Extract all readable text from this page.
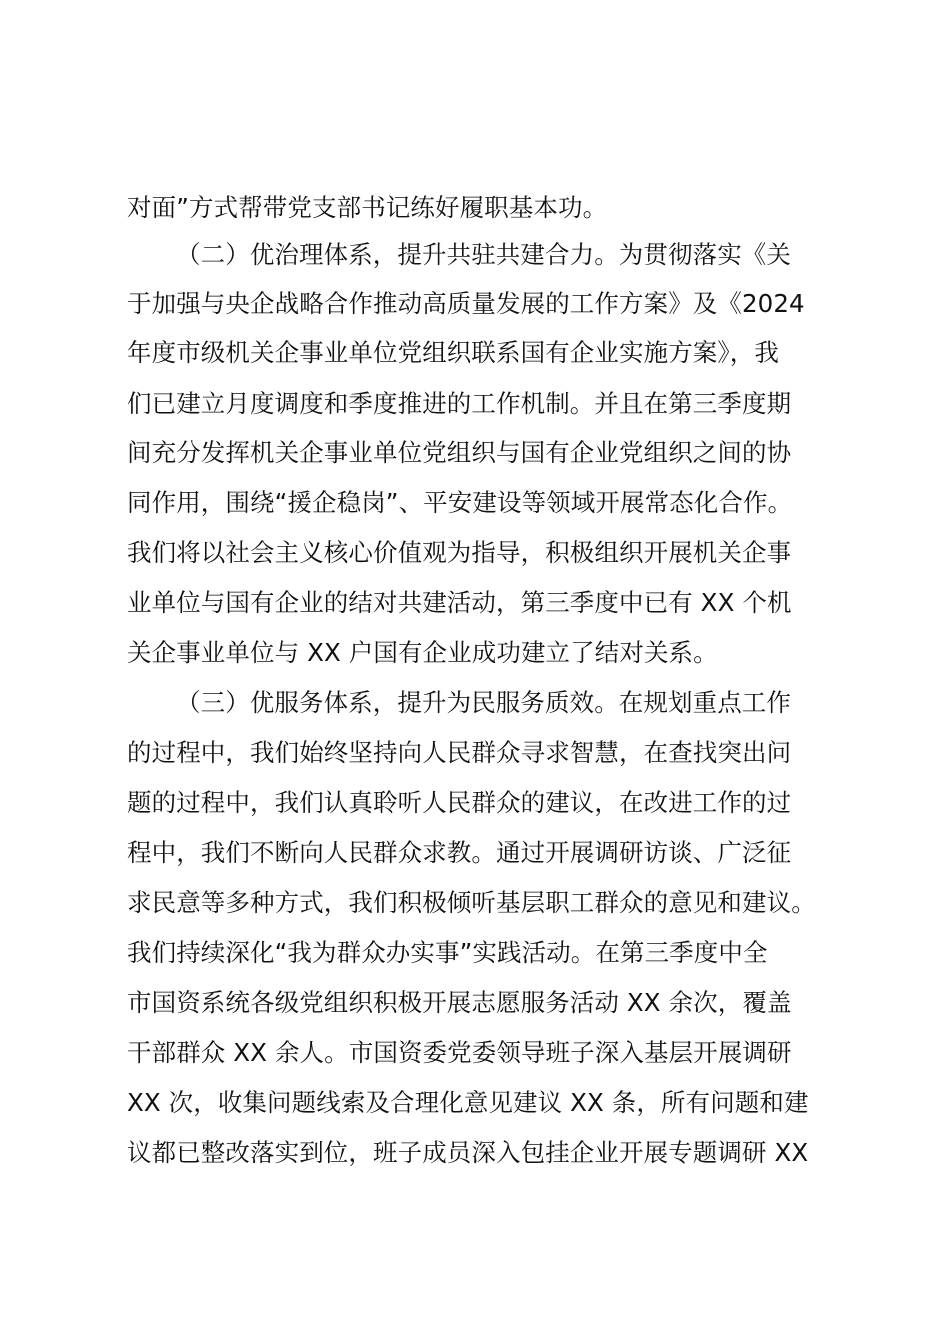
对面”方式帮带党支部书记练好履职基本功。
（二）优治理体系，提升共驻共建合力。为贯彻落实《关
于加强与央企战略合作推动高质量发展的工作方案》及《2024
年度市级机关企事业单位党组织联系国有企业实施方案》，我
们已建立月度调度和季度推进的工作机制。并且在第三季度期
间充分发挥机关企事业单位党组织与国有企业党组织之间的协
同作用，围绕“援企稳岗”、平安建设等领域开展常态化合作。
我们将以社会主义核心价值观为指导，积极组织开展机关企事
业单位与国有企业的结对共建活动，第三季度中已有 XX 个机
关企事业单位与 XX 户国有企业成功建立了结对关系。
（三）优服务体系，提升为民服务质效。在规划重点工作
的过程中，我们始终坚持向人民群众寻求智慧，在查找突出问
题的过程中，我们认真聆听人民群众的建议，在改进工作的过
程中，我们不断向人民群众求教。通过开展调研访谈、广泛征
求民意等多种方式，我们积极倾听基层职工群众的意见和建议。
我们持续深化“我为群众办实事”实践活动。在第三季度中全
市国资系统各级党组织积极开展志愿服务活动 XX 余次，覆盖
干部群众 XX 余人。市国资委党委领导班子深入基层开展调研
XX 次，收集问题线索及合理化意见建议 XX 条，所有问题和建
议都已整改落实到位，班子成员深入包挂企业开展专题调研 XX
